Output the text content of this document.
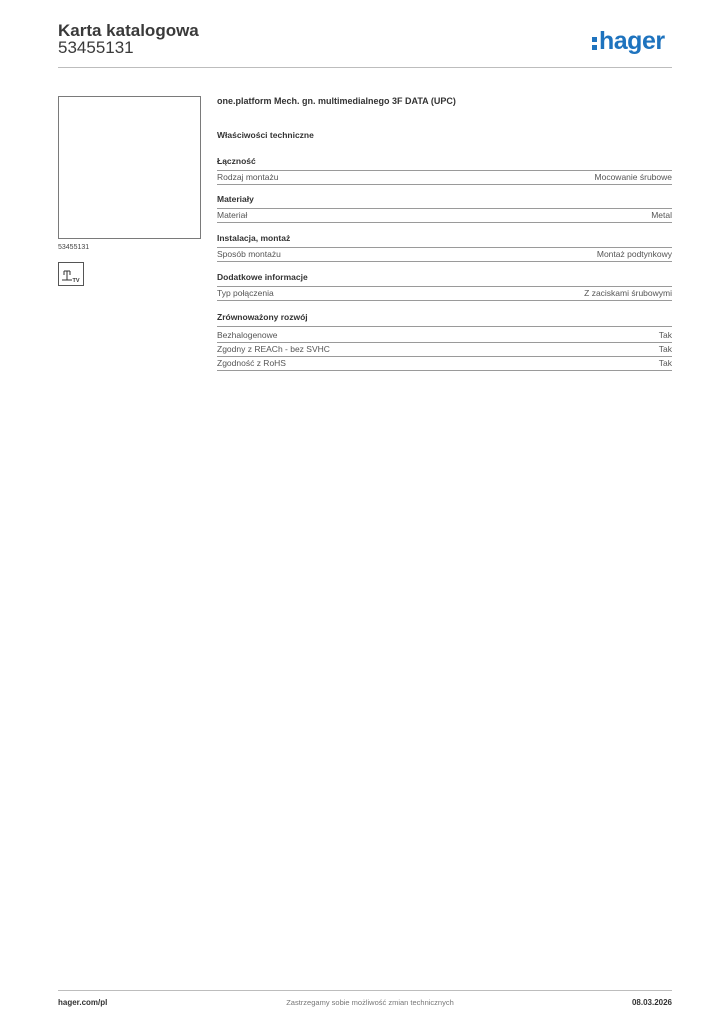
Karta katalogowa
53455131	hager
53455131
TV
one.platform Mech. gn. multimedialnego 3F DATA (UPC)
Właściwości techniczne
Łączność
Rodzaj montażu	Mocowanie śrubowe
Materiały
Materiał	Metal
Instalacja, montaż
Sposób montażu	Montaż podtynkowy
Dodatkowe informacje
Typ połączenia	Z zaciskami śrubowymi
Zrównoważony rozwój
Bezhalogenowe	Tak
Zgodny z REACh - bez SVHC	Tak
Zgodność z RoHS	Tak
hager.com/pl	Zastrzegamy sobie możliwość zmian technicznych	08.03.2026
